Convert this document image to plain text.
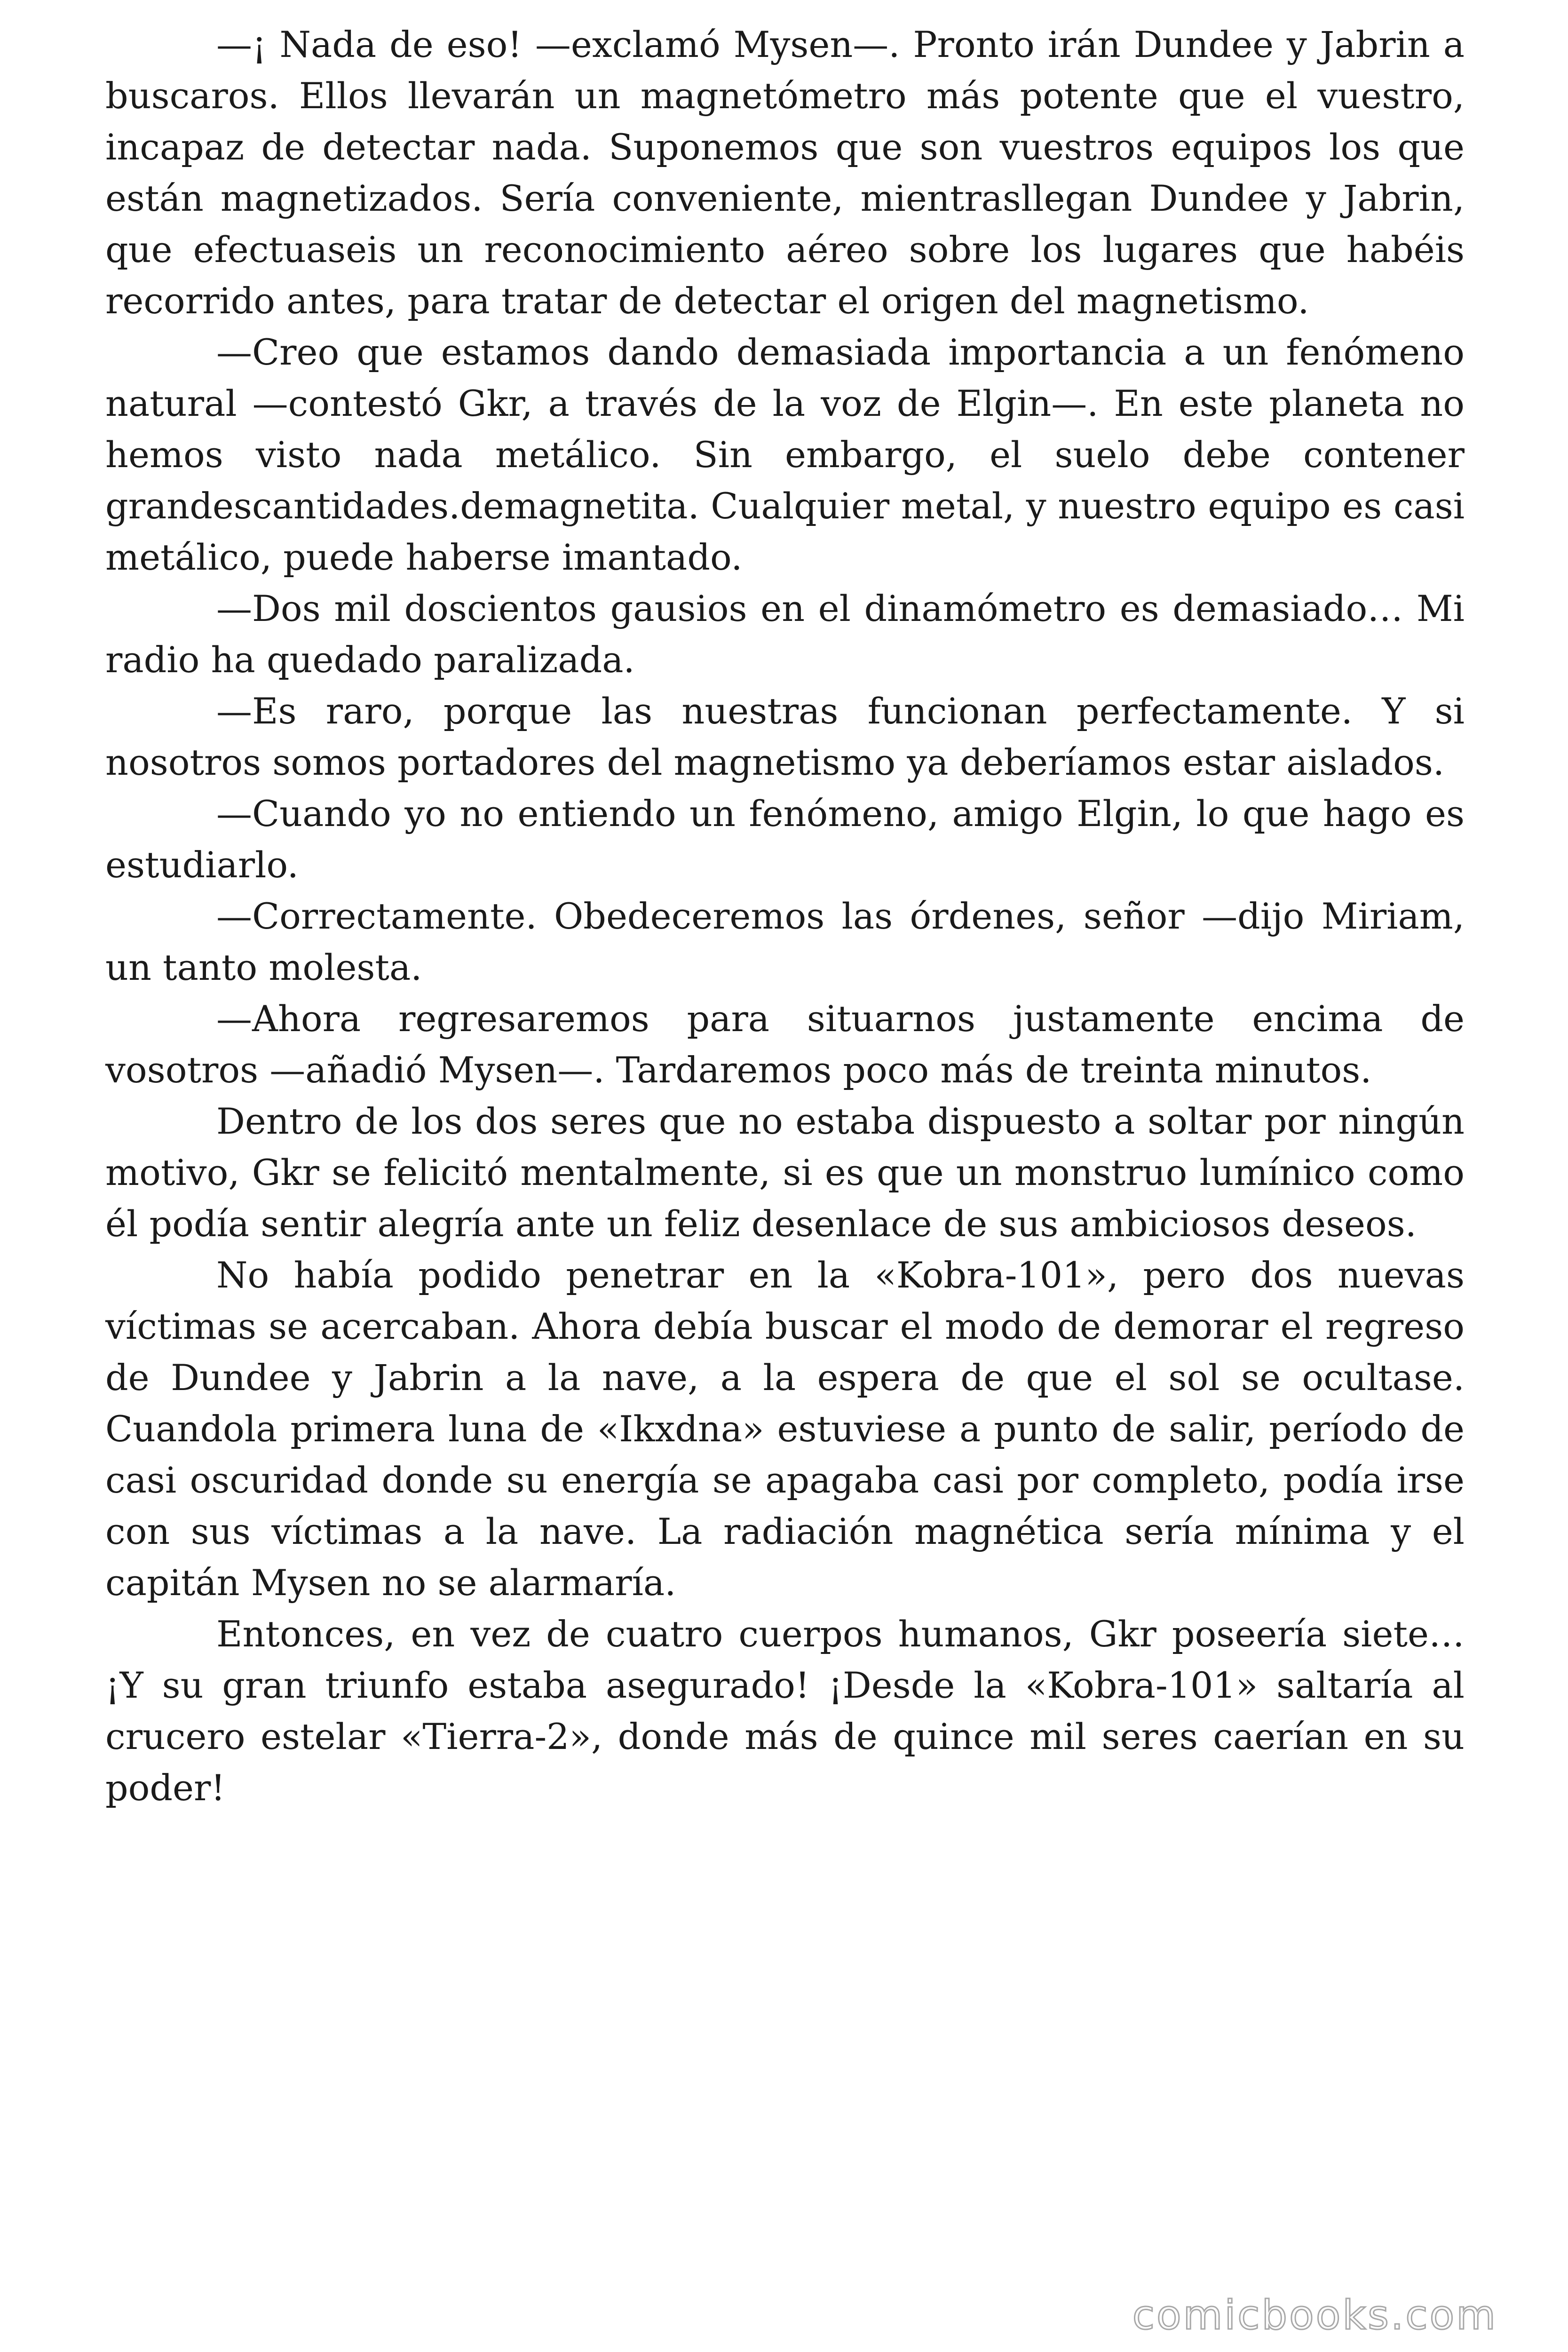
—¡ Nada de eso! —exclamó Mysen—. Pronto irán Dundee y Jabrin a buscaros. Ellos llevarán un magnetómetro más potente que el vuestro, incapaz de detectar nada. Suponemos que son vuestros equipos los que están magnetizados. Sería conveniente, mientrasllegan Dundee y Jabrin, que efectuaseis un reconocimiento aéreo sobre los lugares que habéis recorrido antes, para tratar de detectar el origen del magnetismo.

—Creo que estamos dando demasiada importancia a un fenómeno natural —contestó Gkr, a través de la voz de Elgin—. En este planeta no hemos visto nada metálico. Sin embargo, el suelo debe contener grandescantidades.demagnetita. Cualquier metal, y nuestro equipo es casi metálico, puede haberse imantado.

—Dos mil doscientos gausios en el dinamómetro es demasiado… Mi radio ha quedado paralizada.

—Es raro, porque las nuestras funcionan perfectamente. Y si nosotros somos portadores del magnetismo ya deberíamos estar aislados.

—Cuando yo no entiendo un fenómeno, amigo Elgin, lo que hago es estudiarlo.

—Correctamente. Obedeceremos las órdenes, señor —dijo Miriam, un tanto molesta.

—Ahora regresaremos para situarnos justamente encima de vosotros —añadió Mysen—. Tardaremos poco más de treinta minutos.

Dentro de los dos seres que no estaba dispuesto a soltar por ningún motivo, Gkr se felicitó mentalmente, si es que un monstruo lumínico como él podía sentir alegría ante un feliz desenlace de sus ambiciosos deseos.

No había podido penetrar en la «Kobra-101», pero dos nuevas víctimas se acercaban. Ahora debía buscar el modo de demorar el regreso de Dundee y Jabrin a la nave, a la espera de que el sol se ocultase. Cuandola primera luna de «Ikxdna» estuviese a punto de salir, período de casi oscuridad donde su energía se apagaba casi por completo, podía irse con sus víctimas a la nave. La radiación magnética sería mínima y el capitán Mysen no se alarmaría.

Entonces, en vez de cuatro cuerpos humanos, Gkr poseería siete… ¡Y su gran triunfo estaba asegurado! ¡Desde la «Kobra-101» saltaría al crucero estelar «Tierra-2», donde más de quince mil seres caerían en su poder!

comicbooks.com
